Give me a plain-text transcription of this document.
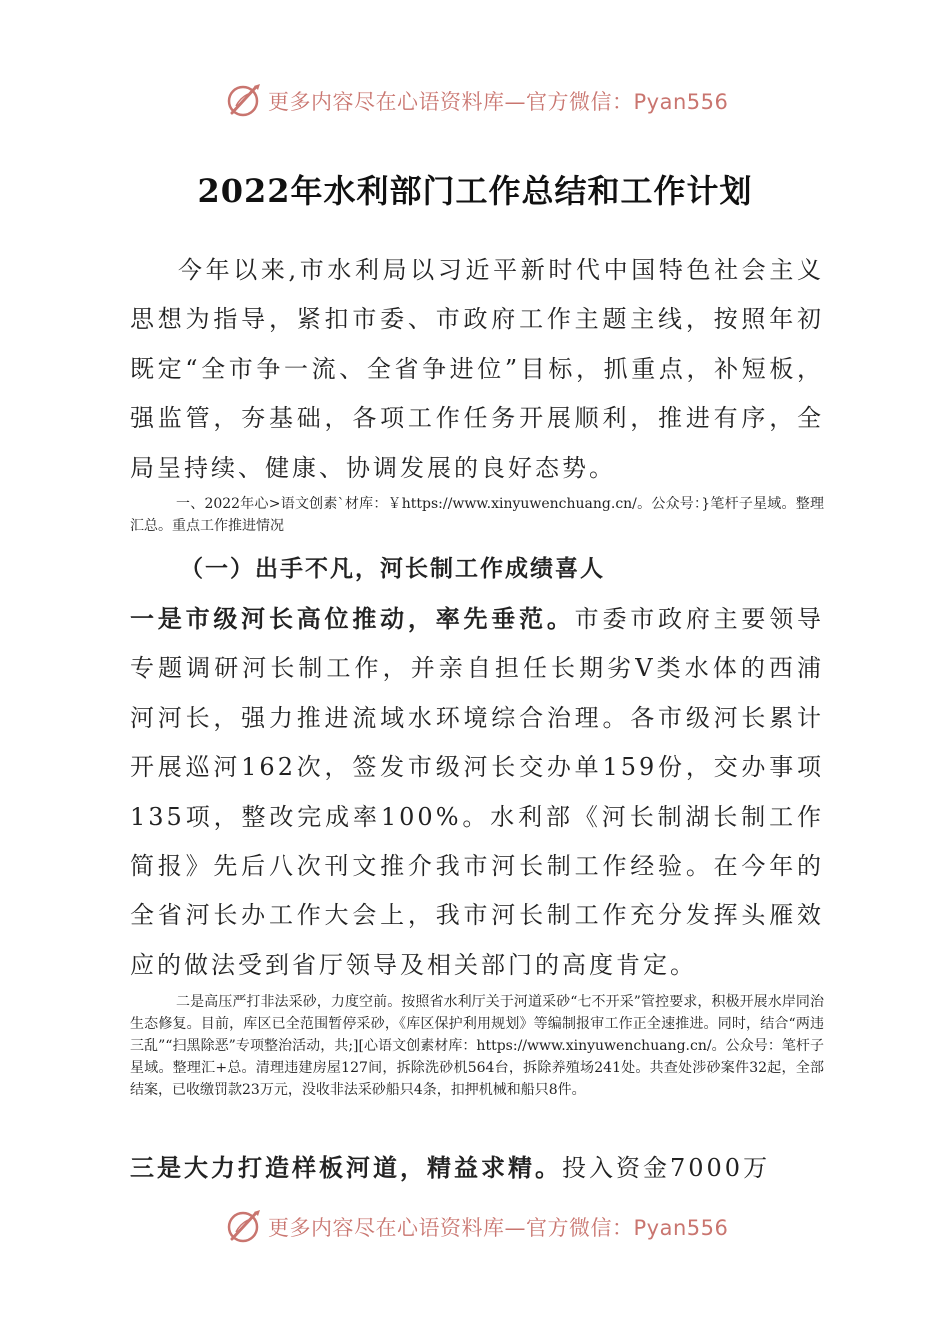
更多内容尽在心语资料库—官方微信：Pyan556
2022年水利部门工作总结和工作计划

今年以来,市水利局以习近平新时代中国特色社会主义思想为指导，紧扣市委、市政府工作主题主线，按照年初既定“全市争一流、全省争进位”目标，抓重点，补短板，强监管，夯基础，各项工作任务开展顺利，推进有序，全局呈持续、健康、协调发展的良好态势。

一、2022年心>语文创素`材库：￥https://www.xinyuwenchuang.cn/。公众号：}笔杆子星域。整理汇总。重点工作推进情况

（一）出手不凡，河长制工作成绩喜人

一是市级河长高位推动，率先垂范。市委市政府主要领导专题调研河长制工作，并亲自担任长期劣Ⅴ类水体的西浦河河长，强力推进流域水环境综合治理。各市级河长累计开展巡河162次，签发市级河长交办单159份，交办事项135项，整改完成率100%。水利部《河长制湖长制工作简报》先后八次刊文推介我市河长制工作经验。在今年的全省河长办工作大会上，我市河长制工作充分发挥头雁效应的做法受到省厅领导及相关部门的高度肯定。

二是高压严打非法采砂，力度空前。按照省水利厅关于河道采砂“七不开采”管控要求，积极开展水岸同治生态修复。目前，库区已全范围暂停采砂，《库区保护利用规划》等编制报审工作正全速推进。同时，结合“两违三乱”“扫黑除恶”专项整治活动，共;][心语文创素材库：https://www.xinyuwenchuang.cn/。公众号：笔杆子星域。整理汇+总。清理违建房屋127间，拆除洗砂机564台，拆除养殖场241处。共查处涉砂案件32起，全部结案，已收缴罚款23万元，没收非法采砂船只4条，扣押机械和船只8件。

三是大力打造样板河道，精益求精。投入资金7000万

更多内容尽在心语资料库—官方微信：Pyan556
